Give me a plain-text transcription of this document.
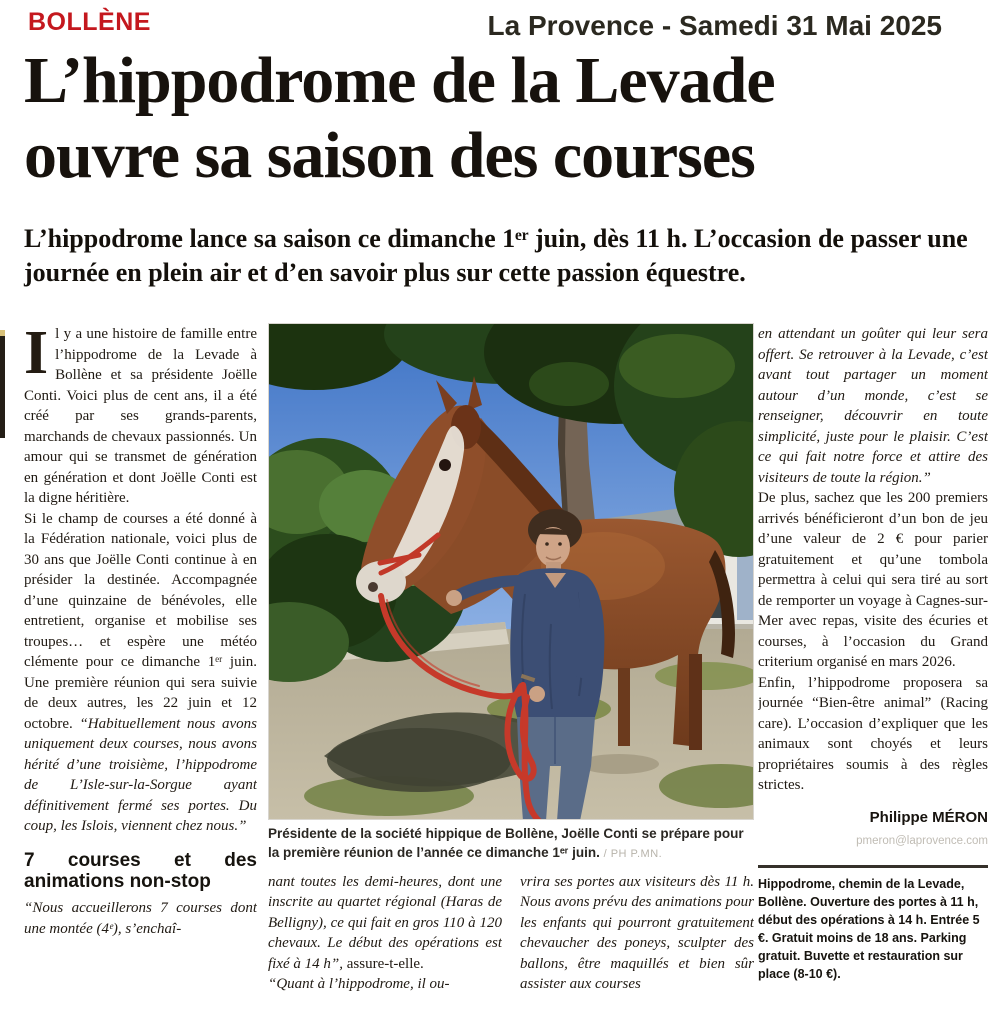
BOLLÈNE	La Provence - Samedi 31 Mai 2025
L’hippodrome de la Levade
ouvre sa saison des courses
L’hippodrome lance sa saison ce dimanche 1ᵉʳ juin, dès 11 h. L’occasion de passer une journée en plein air et d’en savoir plus sur cette passion équestre.

Il y a une histoire de famille entre l’hippodrome de la Levade à Bollène et sa présidente Joëlle Conti. Voici plus de cent ans, il a été créé par ses grands-parents, marchands de chevaux passionnés. Un amour qui se transmet de génération en génération et dont Joëlle Conti est la digne héritière.

Si le champ de courses a été donné à la Fédération nationale, voici plus de 30 ans que Joëlle Conti continue à en présider la destinée. Accompagnée d’une quinzaine de bénévoles, elle entretient, organise et mobilise ses troupes… et espère une météo clémente pour ce dimanche 1ᵉʳ juin. Une première réunion qui sera suivie de deux autres, les 22 juin et 12 octobre. “Habituellement nous avons uniquement deux courses, nous avons hérité d’une troisième, l’hippodrome de L’Isle-sur-la-Sorgue ayant définitivement fermé ses portes. Du coup, les Islois, viennent chez nous.”

7 courses et des animations non-stop

“Nous accueillerons 7 courses dont une montée (4ᵉ), s’enchaî-

Présidente de la société hippique de Bollène, Joëlle Conti se prépare pour la première réunion de l’année ce dimanche 1ᵉʳ juin. / PH P.MN.

nant toutes les demi-heures, dont une inscrite au quartet régional (Haras de Belligny), ce qui fait en gros 110 à 120 chevaux. Le début des opérations est fixé à 14 h”, assure-t-elle.

“Quant à l’hippodrome, il ou-

vrira ses portes aux visiteurs dès 11 h. Nous avons prévu des animations pour les enfants qui pourront gratuitement chevaucher des poneys, sculpter des ballons, être maquillés et bien sûr assister aux courses

en attendant un goûter qui leur sera offert. Se retrouver à la Levade, c’est avant tout partager un moment autour d’un monde, c’est se renseigner, découvrir en toute simplicité, juste pour le plaisir. C’est ce qui fait notre force et attire des visiteurs de toute la région.”

De plus, sachez que les 200 premiers arrivés bénéficieront d’un bon de jeu d’une valeur de 2 € pour parier gratuitement et qu’une tombola permettra à celui qui sera tiré au sort de remporter un voyage à Cagnes-sur-Mer avec repas, visite des écuries et courses, à l’occasion du Grand criterium organisé en mars 2026.

Enfin, l’hippodrome proposera sa journée “Bien-être animal” (Racing care). L’occasion d’expliquer que les animaux sont choyés et leurs propriétaires soumis à des règles strictes.

Philippe MÉRON
pmeron@laprovence.com
Hippodrome, chemin de la Levade, Bollène. Ouverture des portes à 11 h, début des opérations à 14 h. Entrée 5 €. Gratuit moins de 18 ans. Parking gratuit. Buvette et restauration sur place (8-10 €).
